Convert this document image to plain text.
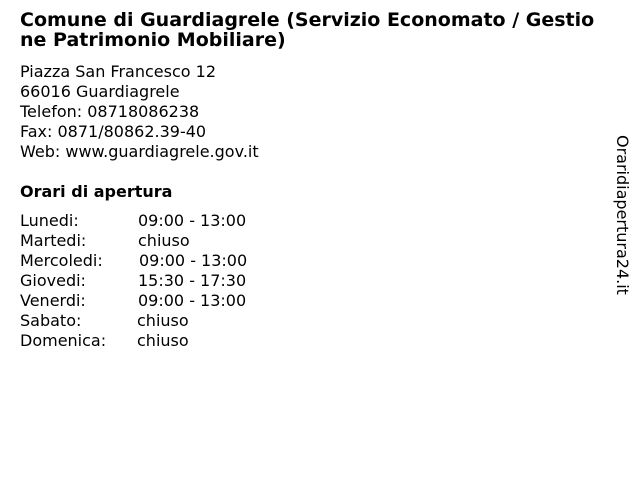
Comune di Guardiagrele (Servizio Economato / Gestione Patrimonio Mobiliare)
Piazza San Francesco 12
66016 Guardiagrele
Telefon: 08718086238
Fax: 0871/80862.39-40
Web: www.guardiagrele.gov.it
Orari di apertura
Lunedi:	09:00 - 13:00
Martedi:	chiuso
Mercoledi: 09:00 - 13:00
Giovedi:	15:30 - 17:30
Venerdi:	09:00 - 13:00
Sabato:	chiuso
Domenica: chiuso
Oraridiapertura24.it
